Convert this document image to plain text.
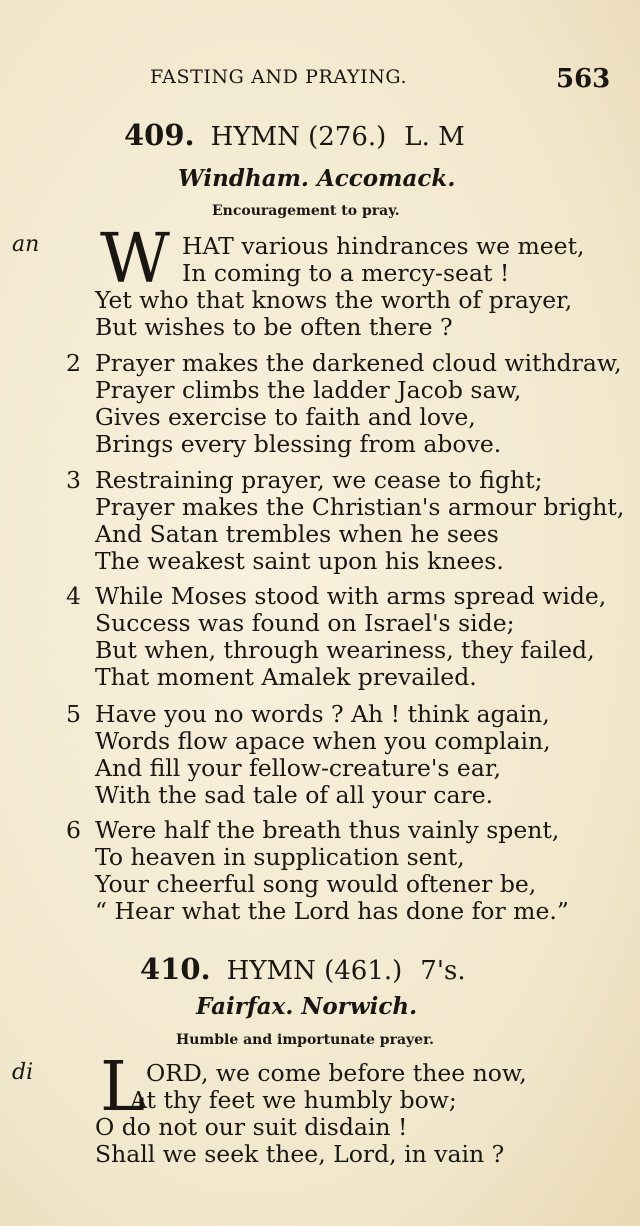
FASTING AND PRAYING.	563
409. HYMN (276.) L. M
Windham. Accomack.
Encouragement to pray.
an W HAT various hindrances we meet,
In coming to a mercy-seat !
Yet who that knows the worth of prayer,
But wishes to be often there ?
2 Prayer makes the darkened cloud withdraw,
Prayer climbs the ladder Jacob saw,
Gives exercise to faith and love,
Brings every blessing from above.
3 Restraining prayer, we cease to fight;
Prayer makes the Christian's armour bright,
And Satan trembles when he sees
The weakest saint upon his knees.
4 While Moses stood with arms spread wide,
Success was found on Israel's side;
But when, through weariness, they failed,
That moment Amalek prevailed.
5 Have you no words ? Ah ! think again,
Words flow apace when you complain,
And fill your fellow-creature's ear,
With the sad tale of all your care.
6 Were half the breath thus vainly spent,
To heaven in supplication sent,
Your cheerful song would oftener be,
“ Hear what the Lord has done for me.”
410. HYMN (461.) 7's.
Fairfax. Norwich.
Humble and importunate prayer.
di L ORD, we come before thee now,
At thy feet we humbly bow;
O do not our suit disdain !
Shall we seek thee, Lord, in vain ?
